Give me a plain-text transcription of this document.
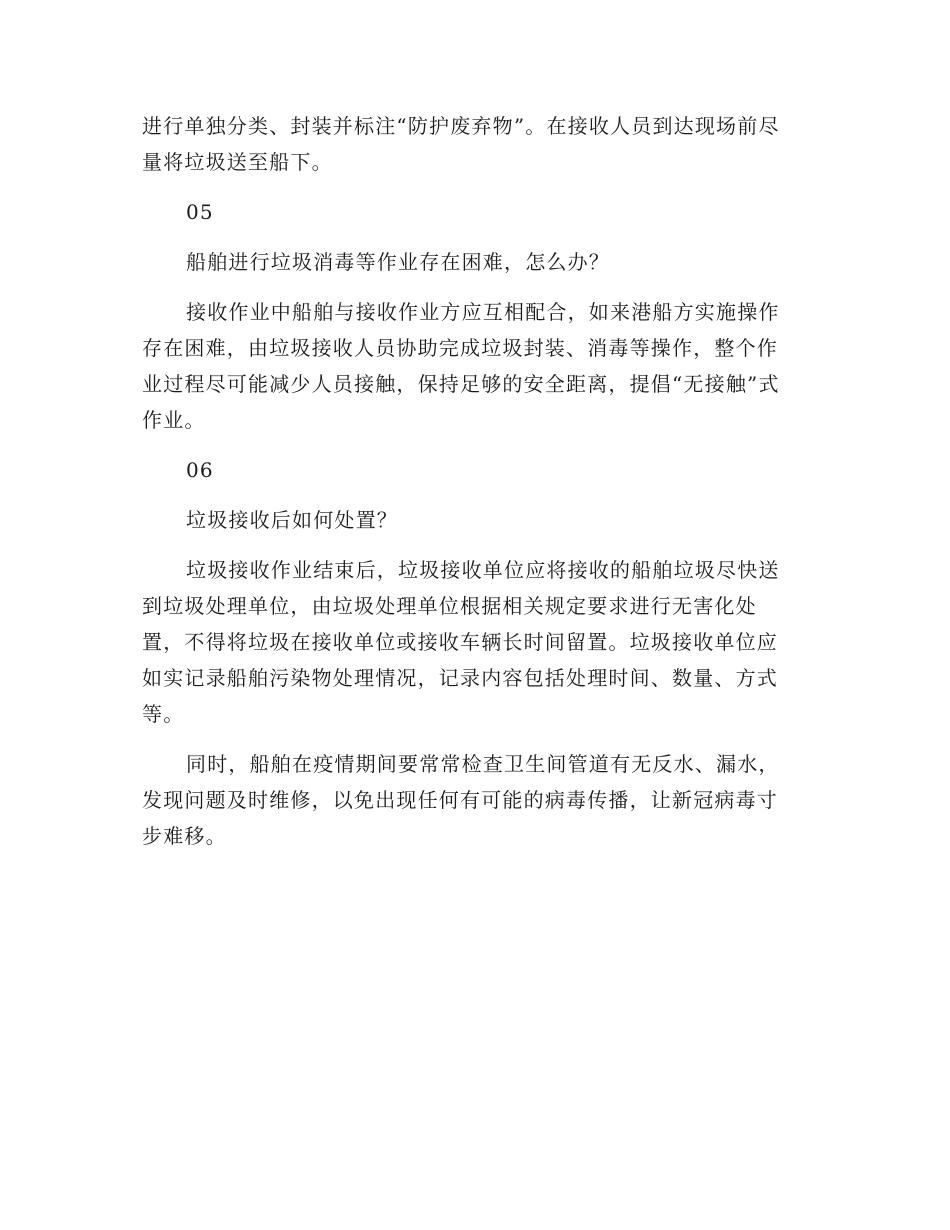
进行单独分类、封装并标注“防护废弃物”。在接收人员到达现场前尽量将垃圾送至船下。

05

船舶进行垃圾消毒等作业存在困难，怎么办？

接收作业中船舶与接收作业方应互相配合，如来港船方实施操作存在困难，由垃圾接收人员协助完成垃圾封装、消毒等操作，整个作业过程尽可能减少人员接触，保持足够的安全距离，提倡“无接触”式作业。

06

垃圾接收后如何处置？

垃圾接收作业结束后，垃圾接收单位应将接收的船舶垃圾尽快送到垃圾处理单位，由垃圾处理单位根据相关规定要求进行无害化处置，不得将垃圾在接收单位或接收车辆长时间留置。垃圾接收单位应如实记录船舶污染物处理情况，记录内容包括处理时间、数量、方式等。

同时，船舶在疫情期间要常常检查卫生间管道有无反水、漏水，发现问题及时维修，以免出现任何有可能的病毒传播，让新冠病毒寸步难移。
